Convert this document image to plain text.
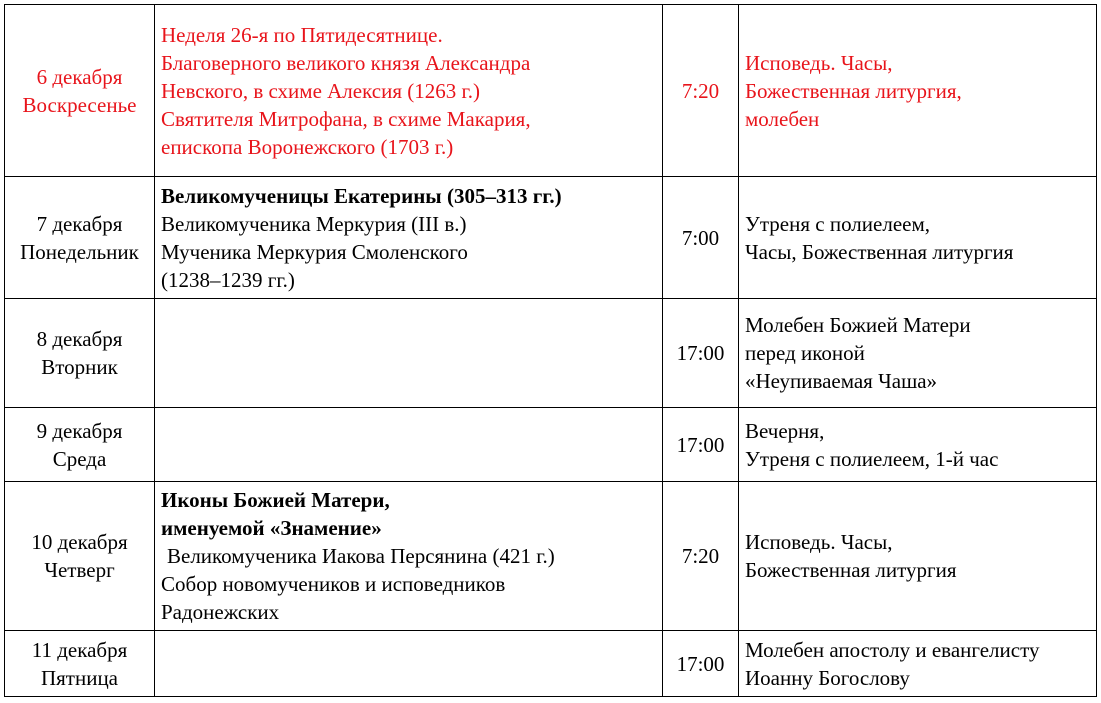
6 декабря
Воскресенье	Неделя 26-я по Пятидесятнице.
Благоверного великого князя Александра
Невского, в схиме Алексия (1263 г.)
Святителя Митрофана, в схиме Макария,
епископа Воронежского (1703 г.)	7:20	Исповедь. Часы,
Божественная литургия,
молебен

7 декабря
Понедельник	Великомученицы Екатерины (305–313 гг.)
Великомученика Меркурия (III в.)
Мученика Меркурия Смоленского
(1238–1239 гг.)	7:00	Утреня с полиелеем,
Часы, Божественная литургия

8 декабря
Вторник		17:00	Молебен Божией Матери
перед иконой
«Неупиваемая Чаша»

9 декабря
Среда		17:00	Вечерня,
Утреня с полиелеем, 1-й час

10 декабря
Четверг	Иконы Божией Матери,
именуемой «Знамение»
Великомученика Иакова Персянина (421 г.)
Собор новомучеников и исповедников
Радонежских	7:20	Исповедь. Часы,
Божественная литургия

11 декабря
Пятница		17:00	Молебен апостолу и евангелисту
Иоанну Богослову
